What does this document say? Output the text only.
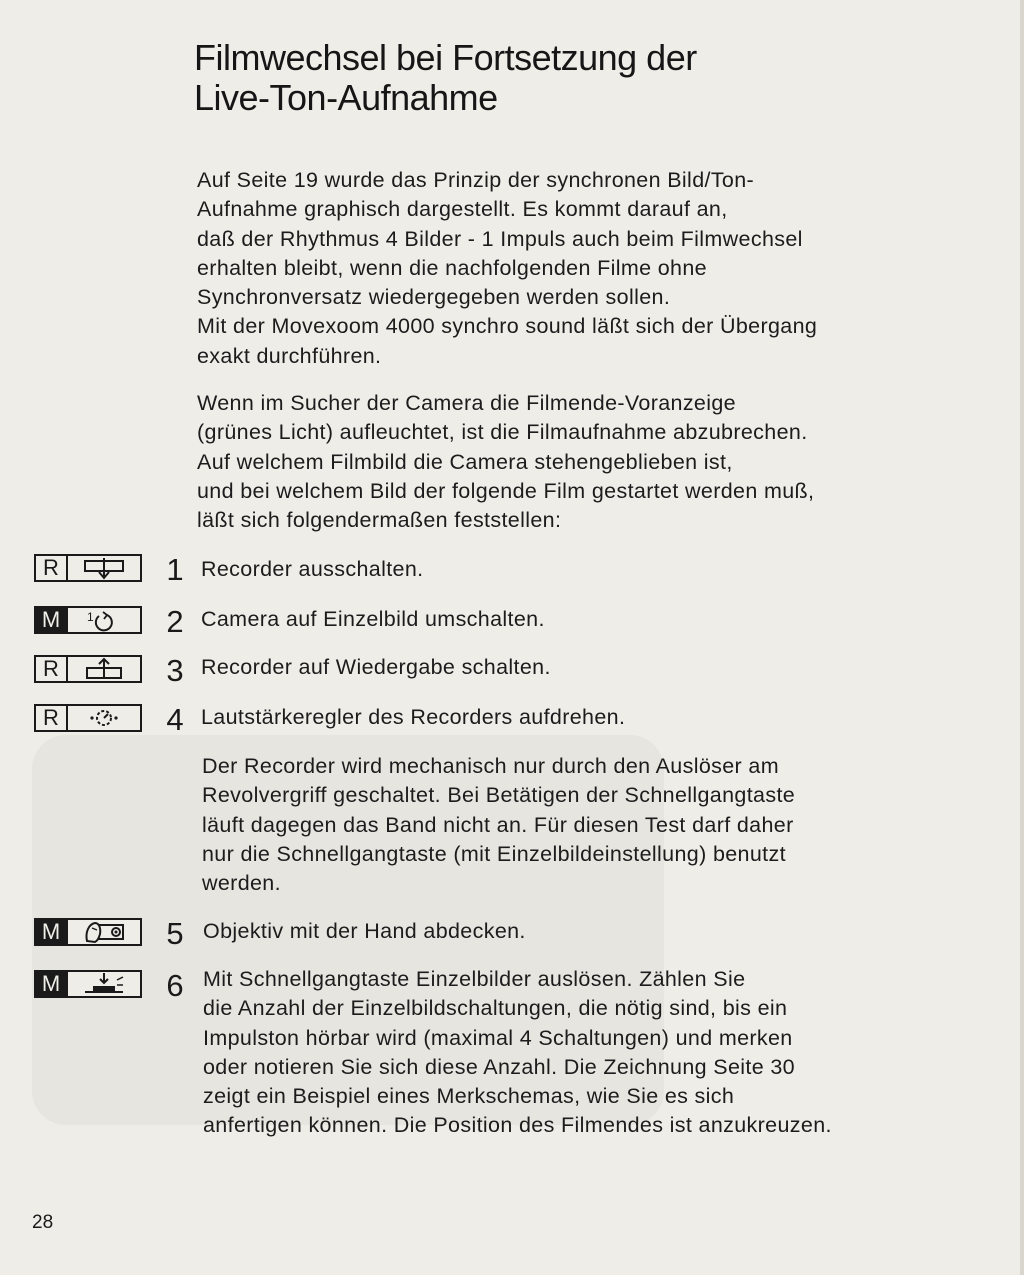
Filmwechsel bei Fortsetzung der
Live-Ton-Aufnahme

Auf Seite 19 wurde das Prinzip der synchronen Bild/Ton-
Aufnahme graphisch dargestellt. Es kommt darauf an,
daß der Rhythmus 4 Bilder - 1 Impuls auch beim Filmwechsel
erhalten bleibt, wenn die nachfolgenden Filme ohne
Synchronversatz wiedergegeben werden sollen.
Mit der Movexoom 4000 synchro sound läßt sich der Übergang
exakt durchführen.

Wenn im Sucher der Camera die Filmende-Voranzeige
(grünes Licht) aufleuchtet, ist die Filmaufnahme abzubrechen.
Auf welchem Filmbild die Camera stehengeblieben ist,
und bei welchem Bild der folgende Film gestartet werden muß,
läßt sich folgendermaßen feststellen:

R	1 Recorder ausschalten.

M	1 2 Camera auf Einzelbild umschalten.

R	3 Recorder auf Wiedergabe schalten.

R	4 Lautstärkeregler des Recorders aufdrehen.

Der Recorder wird mechanisch nur durch den Auslöser am
Revolvergriff geschaltet. Bei Betätigen der Schnellgangtaste
läuft dagegen das Band nicht an. Für diesen Test darf daher
nur die Schnellgangtaste (mit Einzelbildeinstellung) benutzt
werden.

M	5 Objektiv mit der Hand abdecken.

M	6 Mit Schnellgangtaste Einzelbilder auslösen. Zählen Sie
die Anzahl der Einzelbildschaltungen, die nötig sind, bis ein
Impulston hörbar wird (maximal 4 Schaltungen) und merken
oder notieren Sie sich diese Anzahl. Die Zeichnung Seite 30
zeigt ein Beispiel eines Merkschemas, wie Sie es sich
anfertigen können. Die Position des Filmendes ist anzukreuzen.

28
